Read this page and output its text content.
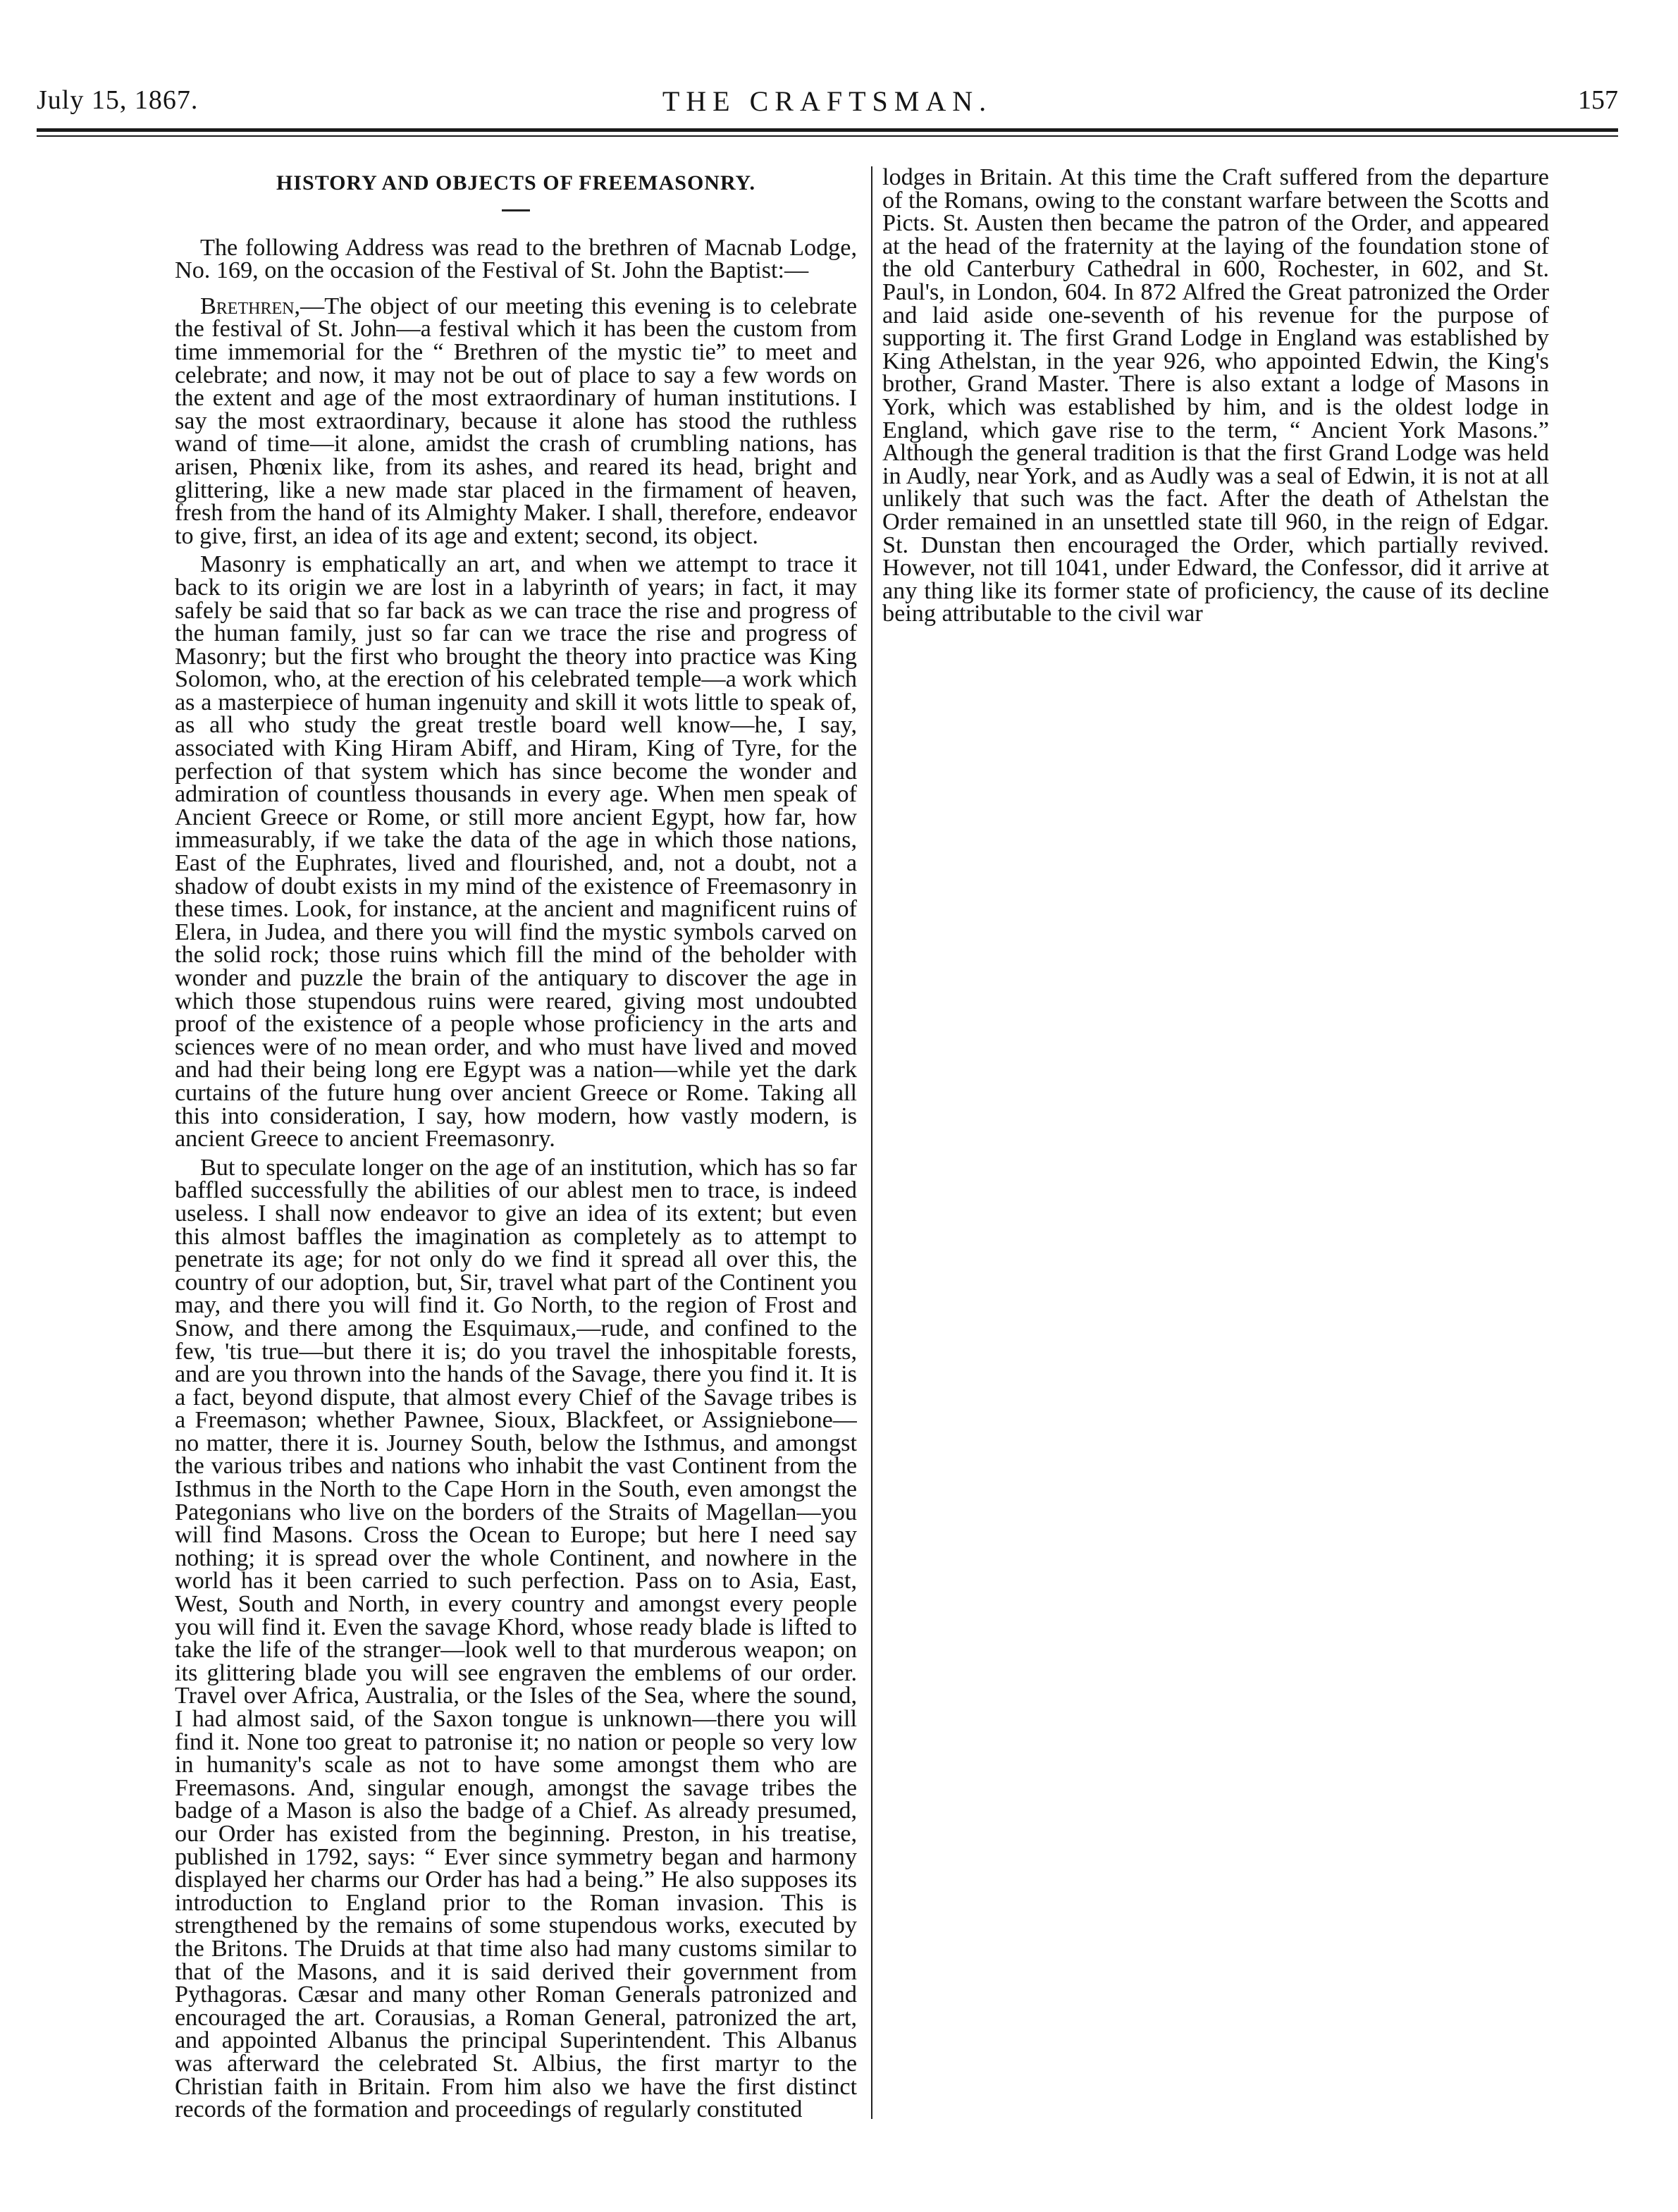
July 15, 1867.	THE CRAFTSMAN.	157
HISTORY AND OBJECTS OF FREEMASONRY.

The following Address was read to the brethren of Macnab Lodge, No. 169, on the occasion of the Festival of St. John the Baptist:—

Brethren,—The object of our meeting this evening is to celebrate the festival of St. John—a festival which it has been the custom from time immemorial for the “ Brethren of the mystic tie” to meet and celebrate; and now, it may not be out of place to say a few words on the extent and age of the most extraordinary of human institutions. I say the most extraordinary, because it alone has stood the ruthless wand of time—it alone, amidst the crash of crumbling nations, has arisen, Phœnix like, from its ashes, and reared its head, bright and glittering, like a new made star placed in the firmament of heaven, fresh from the hand of its Almighty Maker. I shall, therefore, endeavor to give, first, an idea of its age and extent; second, its object.

Masonry is emphatically an art, and when we attempt to trace it back to its origin we are lost in a labyrinth of years; in fact, it may safely be said that so far back as we can trace the rise and progress of the human family, just so far can we trace the rise and progress of Masonry; but the first who brought the theory into practice was King Solomon, who, at the erection of his celebrated temple—a work which as a masterpiece of human ingenuity and skill it wots little to speak of, as all who study the great trestle board well know—he, I say, associated with King Hiram Abiff, and Hiram, King of Tyre, for the perfection of that system which has since become the wonder and admiration of countless thousands in every age. When men speak of Ancient Greece or Rome, or still more ancient Egypt, how far, how immeasurably, if we take the data of the age in which those nations, East of the Euphrates, lived and flourished, and, not a doubt, not a shadow of doubt exists in my mind of the existence of Freemasonry in these times. Look, for instance, at the ancient and magnificent ruins of Elera, in Judea, and there you will find the mystic symbols carved on the solid rock; those ruins which fill the mind of the beholder with wonder and puzzle the brain of the antiquary to discover the age in which those stupendous ruins were reared, giving most undoubted proof of the existence of a people whose proficiency in the arts and sciences were of no mean order, and who must have lived and moved and had their being long ere Egypt was a nation—while yet the dark curtains of the future hung over ancient Greece or Rome. Taking all this into consideration, I say, how modern, how vastly modern, is ancient Greece to ancient Freemasonry.

But to speculate longer on the age of an institution, which has so far baffled successfully the abilities of our ablest men to trace, is indeed useless. I shall now endeavor to give an idea of its extent; but even this almost baffles the imagination as completely as to attempt to penetrate its age; for not only do we find it spread all over this, the country of our adoption, but, Sir, travel what part of the Continent you may, and there you will find it. Go North, to the region of Frost and Snow, and there among the Esquimaux,—rude, and confined to the few, 'tis true—but there it is; do you travel the inhospitable forests, and are you thrown into the hands of the Savage, there you find it. It is a fact, beyond dispute, that almost every Chief of the Savage tribes is a Freemason; whether Pawnee, Sioux, Blackfeet, or Assigniebone—no matter, there it is. Journey South, below the Isthmus, and amongst the various tribes and nations who inhabit the vast Continent from the Isthmus in the North to the Cape Horn in the South, even amongst the Pategonians who live on the borders of the Straits of Magellan—you will find Masons. Cross the Ocean to Europe; but here I need say nothing; it is spread over the whole Continent, and nowhere in the world has it been carried to such perfection. Pass on to Asia, East, West, South and North, in every country and amongst every people you will find it. Even the savage Khord, whose ready blade is lifted to take the life of the stranger—look well to that murderous weapon; on its glittering blade you will see engraven the emblems of our order. Travel over Africa, Australia, or the Isles of the Sea, where the sound, I had almost said, of the Saxon tongue is unknown—there you will find it. None too great to patronise it; no nation or people so very low in humanity's scale as not to have some amongst them who are Freemasons. And, singular enough, amongst the savage tribes the badge of a Mason is also the badge of a Chief. As already presumed, our Order has existed from the beginning. Preston, in his treatise, published in 1792, says: “ Ever since symmetry began and harmony displayed her charms our Order has had a being.” He also supposes its introduction to England prior to the Roman invasion. This is strengthened by the remains of some stupendous works, executed by the Britons. The Druids at that time also had many customs similar to that of the Masons, and it is said derived their government from Pythagoras. Cæsar and many other Roman Generals patronized and encouraged the art. Corausias, a Roman General, patronized the art, and appointed Albanus the principal Superintendent. This Albanus was afterward the celebrated St. Albius, the first martyr to the Christian faith in Britain. From him also we have the first distinct records of the formation and proceedings of regularly constituted

lodges in Britain. At this time the Craft suffered from the departure of the Romans, owing to the constant warfare between the Scotts and Picts. St. Austen then became the patron of the Order, and appeared at the head of the fraternity at the laying of the foundation stone of the old Canterbury Cathedral in 600, Rochester, in 602, and St. Paul's, in London, 604. In 872 Alfred the Great patronized the Order and laid aside one-seventh of his revenue for the purpose of supporting it. The first Grand Lodge in England was established by King Athelstan, in the year 926, who appointed Edwin, the King's brother, Grand Master. There is also extant a lodge of Masons in York, which was established by him, and is the oldest lodge in England, which gave rise to the term, “ Ancient York Masons.” Although the general tradition is that the first Grand Lodge was held in Audly, near York, and as Audly was a seal of Edwin, it is not at all unlikely that such was the fact. After the death of Athelstan the Order remained in an unsettled state till 960, in the reign of Edgar. St. Dunstan then encouraged the Order, which partially revived. However, not till 1041, under Edward, the Confessor, did it arrive at any thing like its former state of proficiency, the cause of its decline being attributable to the civil war
